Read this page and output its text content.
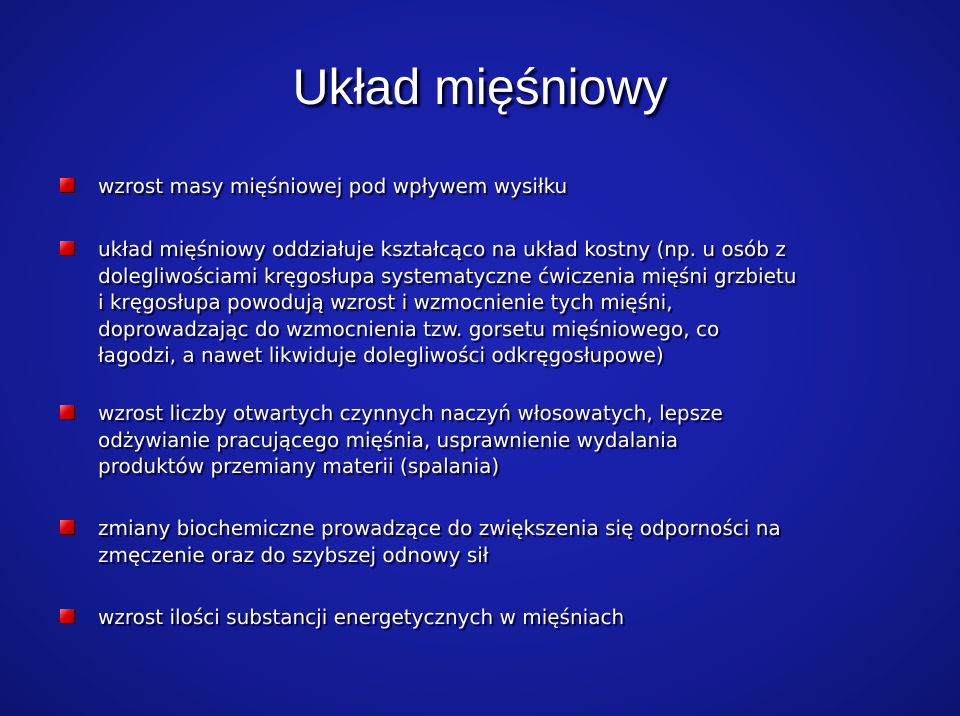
Układ mięśniowy
wzrost masy mięśniowej pod wpływem wysiłku
układ mięśniowy oddziałuje kształcąco na układ kostny (np. u osób z
dolegliwościami kręgosłupa systematyczne ćwiczenia mięśni grzbietu
i kręgosłupa powodują wzrost i wzmocnienie tych mięśni,
doprowadzając do wzmocnienia tzw. gorsetu mięśniowego, co
łagodzi, a nawet likwiduje dolegliwości odkręgosłupowe)
wzrost liczby otwartych czynnych naczyń włosowatych, lepsze
odżywianie pracującego mięśnia, usprawnienie wydalania
produktów przemiany materii (spalania)
zmiany biochemiczne prowadzące do zwiększenia się odporności na
zmęczenie oraz do szybszej odnowy sił
wzrost ilości substancji energetycznych w mięśniach
